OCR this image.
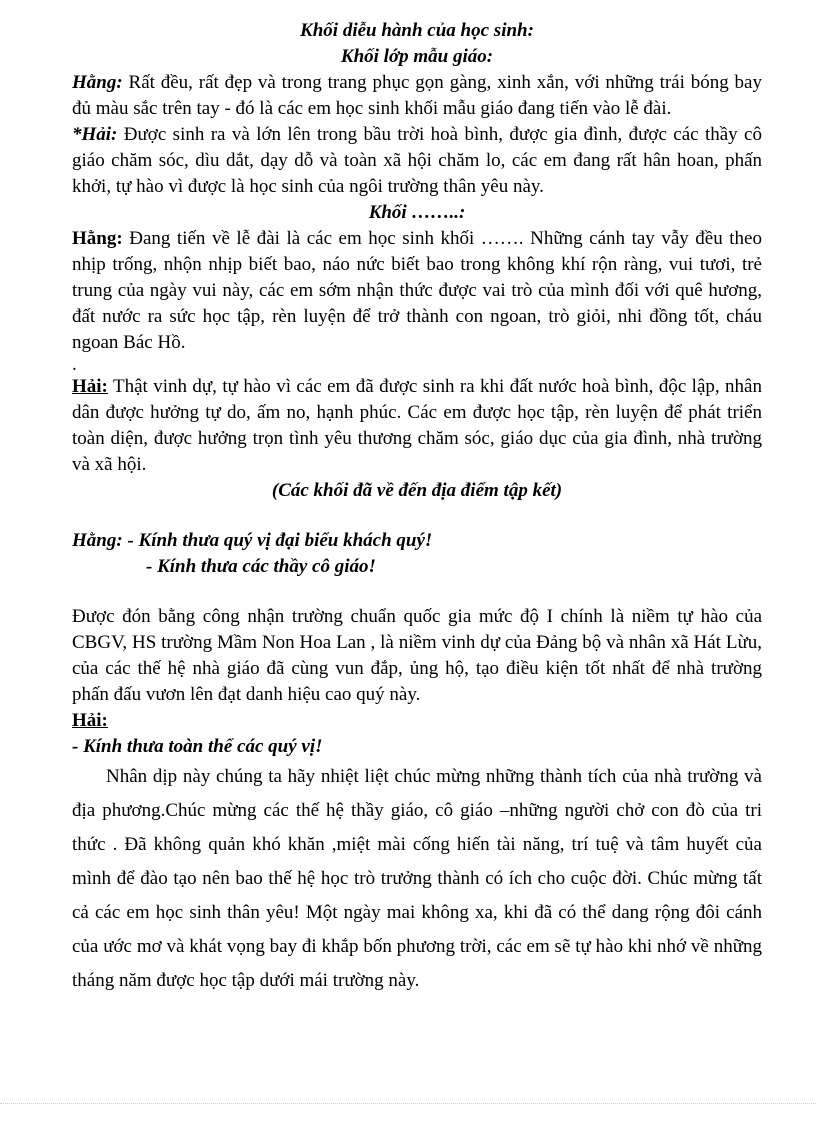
Khối diễu hành của học sinh:

Khối lớp mẫu giáo:

Hằng: Rất đều, rất đẹp và trong trang phục gọn gàng, xinh xắn, với những trái bóng bay đủ màu sắc trên tay - đó là các em học sinh khối mẫu giáo đang tiến vào lễ đài.

*Hải: Được sinh ra và lớn lên trong bầu trời hoà bình, được gia đình, được các thầy cô giáo chăm sóc, dìu dắt, dạy dỗ và toàn xã hội chăm lo, các em đang rất hân hoan, phấn khởi, tự hào vì được là học sinh của ngôi trường thân yêu này.

Khối ……..:

Hằng: Đang tiến về lễ đài là các em học sinh khối ……. Những cánh tay vẫy đều theo nhịp trống, nhộn nhịp biết bao, náo nức biết bao trong không khí rộn ràng, vui tươi, trẻ trung của ngày vui này, các em sớm nhận thức được vai trò của mình đối với quê hương, đất nước ra sức học tập, rèn luyện để trở thành con ngoan, trò giỏi, nhi đồng tốt, cháu ngoan Bác Hồ.

.

Hải: Thật vinh dự, tự hào vì các em đã được sinh ra khi đất nước hoà bình, độc lập, nhân dân được hưởng tự do, ấm no, hạnh phúc. Các em được học tập, rèn luyện để phát triển toàn diện, được hưởng trọn tình yêu thương chăm sóc, giáo dục của gia đình, nhà trường và xã hội.

(Các khối đã về đến địa điểm tập kết)

Hằng: - Kính thưa quý vị đại biểu khách quý!

- Kính thưa các thầy cô giáo!

Được đón bằng công nhận trường chuẩn quốc gia mức độ I chính là niềm tự hào của CBGV, HS trường Mầm Non Hoa Lan , là niềm vinh dự của Đảng bộ và nhân xã Hát Lừu, của các thế hệ nhà giáo đã cùng vun đắp, ủng hộ, tạo điều kiện tốt nhất để nhà trường phấn đấu vươn lên đạt danh hiệu cao quý này.

Hải:

- Kính thưa toàn thể các quý vị!

Nhân dịp này chúng ta hãy nhiệt liệt chúc mừng những thành tích của nhà trường và địa phương.Chúc mừng các thế hệ thầy giáo, cô giáo –những người chở con đò của tri thức . Đã không quản khó khăn ,miệt mài cống hiến tài năng, trí tuệ và tâm huyết của mình để đào tạo nên bao thế hệ học trò trưởng thành có ích cho cuộc đời. Chúc mừng tất cả các em học sinh thân yêu! Một ngày mai không xa, khi đã có thể dang rộng đôi cánh của ước mơ và khát vọng bay đi khắp bốn phương trời, các em sẽ tự hào khi nhớ về những tháng năm được học tập dưới mái trường này.
